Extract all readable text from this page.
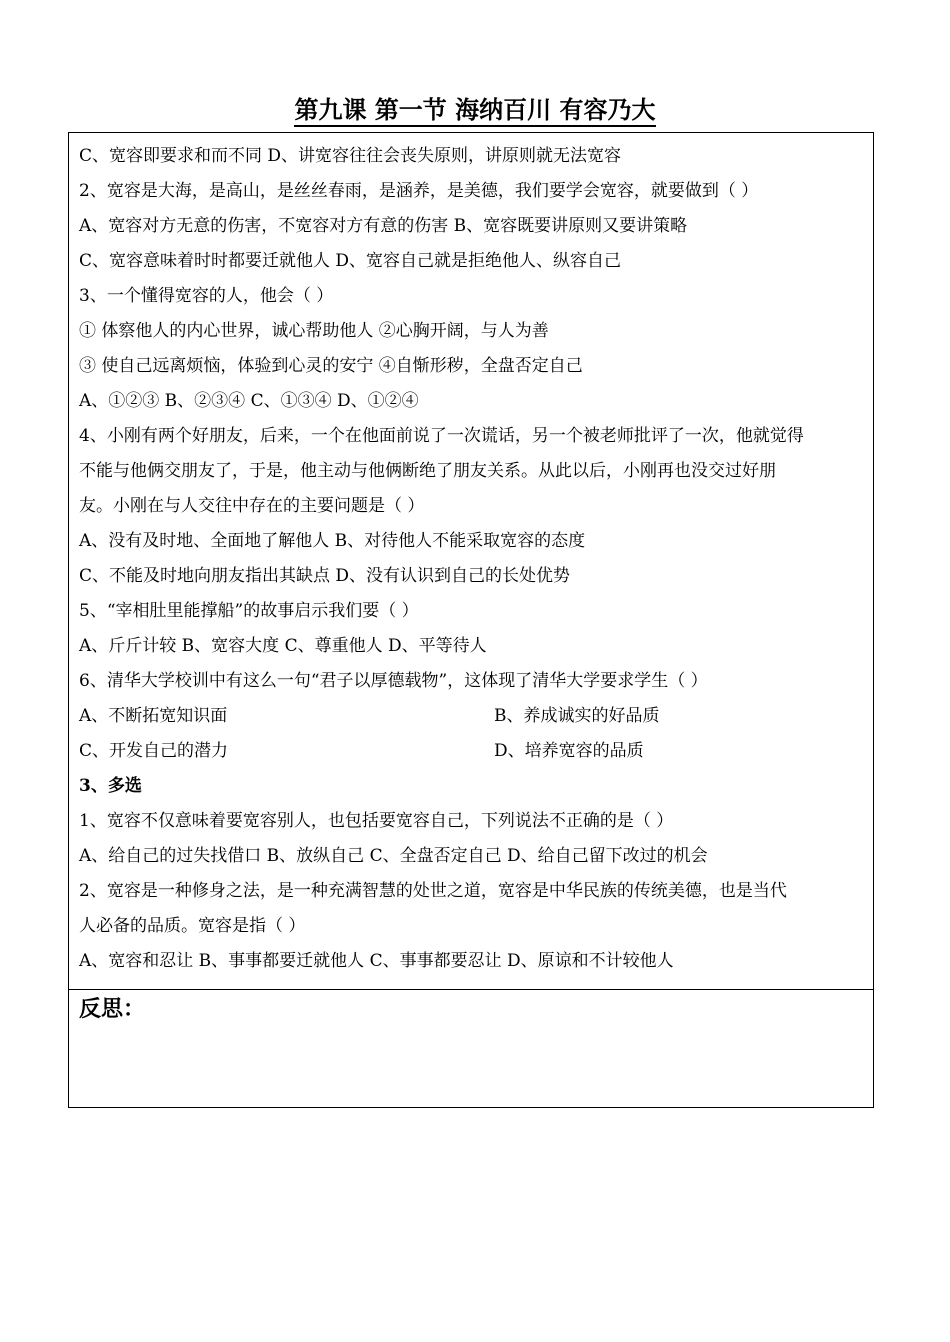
第九课 第一节 海纳百川 有容乃大
C、宽容即要求和而不同 D、讲宽容往往会丧失原则，讲原则就无法宽容
2、宽容是大海，是高山，是丝丝春雨，是涵养，是美德，我们要学会宽容，就要做到（ ）
A、宽容对方无意的伤害，不宽容对方有意的伤害 B、宽容既要讲原则又要讲策略
C、宽容意味着时时都要迁就他人 D、宽容自己就是拒绝他人、纵容自己
3、一个懂得宽容的人，他会（ ）
① 体察他人的内心世界，诚心帮助他人 ②心胸开阔，与人为善
③ 使自己远离烦恼，体验到心灵的安宁 ④自惭形秽，全盘否定自己
A、①②③ B、②③④ C、①③④ D、①②④
4、小刚有两个好朋友，后来，一个在他面前说了一次谎话，另一个被老师批评了一次，他就觉得
不能与他俩交朋友了，于是，他主动与他俩断绝了朋友关系。从此以后，小刚再也没交过好朋
友。小刚在与人交往中存在的主要问题是（ ）
A、没有及时地、全面地了解他人 B、对待他人不能采取宽容的态度
C、不能及时地向朋友指出其缺点 D、没有认识到自己的长处优势
5、“宰相肚里能撑船”的故事启示我们要（ ）
A、斤斤计较 B、宽容大度 C、尊重他人 D、平等待人
6、清华大学校训中有这么一句“君子以厚德载物”，这体现了清华大学要求学生（ ）
A、不断拓宽知识面	B、养成诚实的好品质
C、开发自己的潜力	D、培养宽容的品质
3、多选
1、宽容不仅意味着要宽容别人，也包括要宽容自己，下列说法不正确的是（ ）
A、给自己的过失找借口 B、放纵自己 C、全盘否定自己 D、给自己留下改过的机会
2、宽容是一种修身之法，是一种充满智慧的处世之道，宽容是中华民族的传统美德，也是当代
人必备的品质。宽容是指（ ）
A、宽容和忍让 B、事事都要迁就他人 C、事事都要忍让 D、原谅和不计较他人
反思：
